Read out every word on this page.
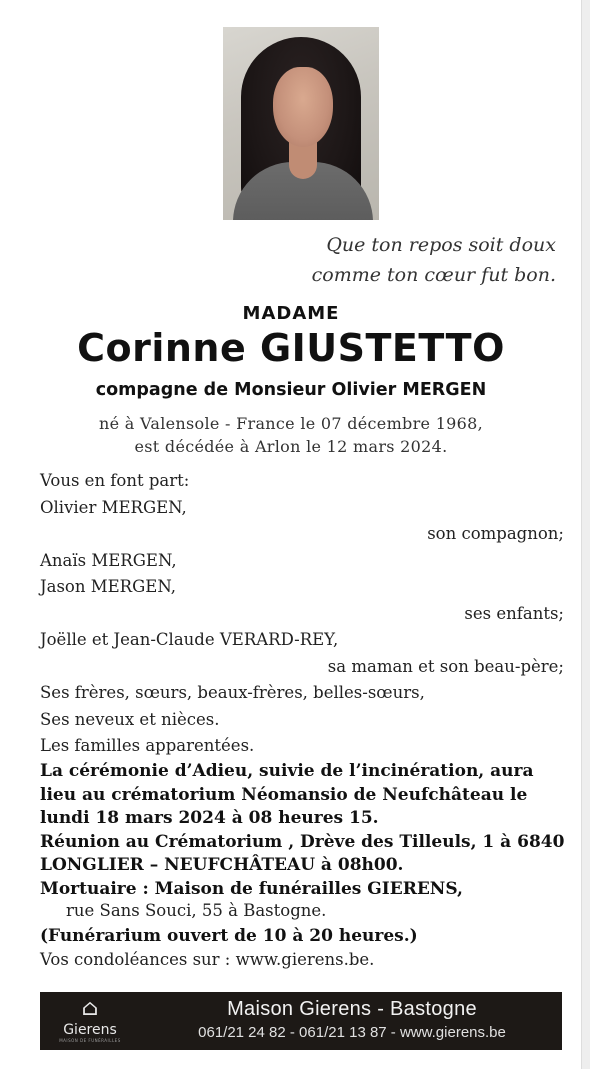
Que ton repos soit doux
comme ton cœur fut bon.
MADAME
Corinne GIUSTETTO
compagne de Monsieur Olivier MERGEN
né à Valensole - France le 07 décembre 1968,
est décédée à Arlon le 12 mars 2024.
Vous en font part:
Olivier MERGEN,
son compagnon;
Anaïs MERGEN,
Jason MERGEN,
ses enfants;
Joëlle et Jean-Claude VERARD-REY,
sa maman et son beau-père;
Ses frères, sœurs, beaux-frères, belles-sœurs,
Ses neveux et nièces.
Les familles apparentées.
La cérémonie d’Adieu, suivie de l’incinération, aura
lieu au crématorium Néomansio de Neufchâteau le
lundi 18 mars 2024 à 08 heures 15.
Réunion au Crématorium , Drève des Tilleuls, 1 à 6840
LONGLIER – NEUFCHÂTEAU à 08h00.
Mortuaire : Maison de funérailles GIERENS,
rue Sans Souci, 55 à Bastogne.
(Funérarium ouvert de 10 à 20 heures.)
Vos condoléances sur : www.gierens.be.
⌂
Gierens
MAISON DE FUNÉRAILLES
Maison Gierens - Bastogne
061/21 24 82 - 061/21 13 87 - www.gierens.be
